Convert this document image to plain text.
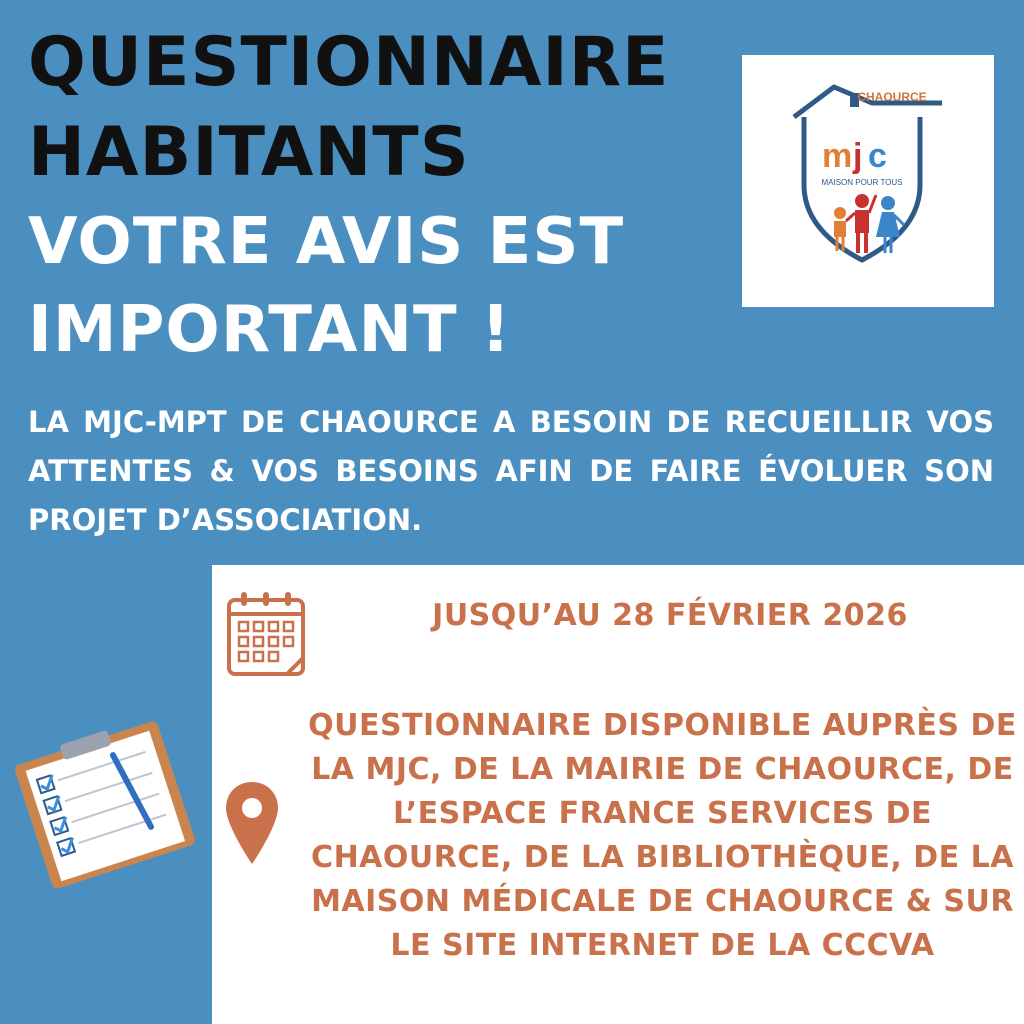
QUESTIONNAIRE
HABITANTS
VOTRE AVIS EST
IMPORTANT !
CHAOURCE
m j c
MAISON POUR TOUS
LA MJC-MPT DE CHAOURCE A BESOIN DE RECUEILLIR VOS ATTENTES & VOS BESOINS AFIN DE FAIRE ÉVOLUER SON PROJET D’ASSOCIATION.
JUSQU’AU 28 FÉVRIER 2026
QUESTIONNAIRE DISPONIBLE AUPRÈS DE LA MJC, DE LA MAIRIE DE CHAOURCE, DE L’ESPACE FRANCE SERVICES DE CHAOURCE, DE LA BIBLIOTHÈQUE, DE LA MAISON MÉDICALE DE CHAOURCE & SUR LE SITE INTERNET DE LA CCCVA
